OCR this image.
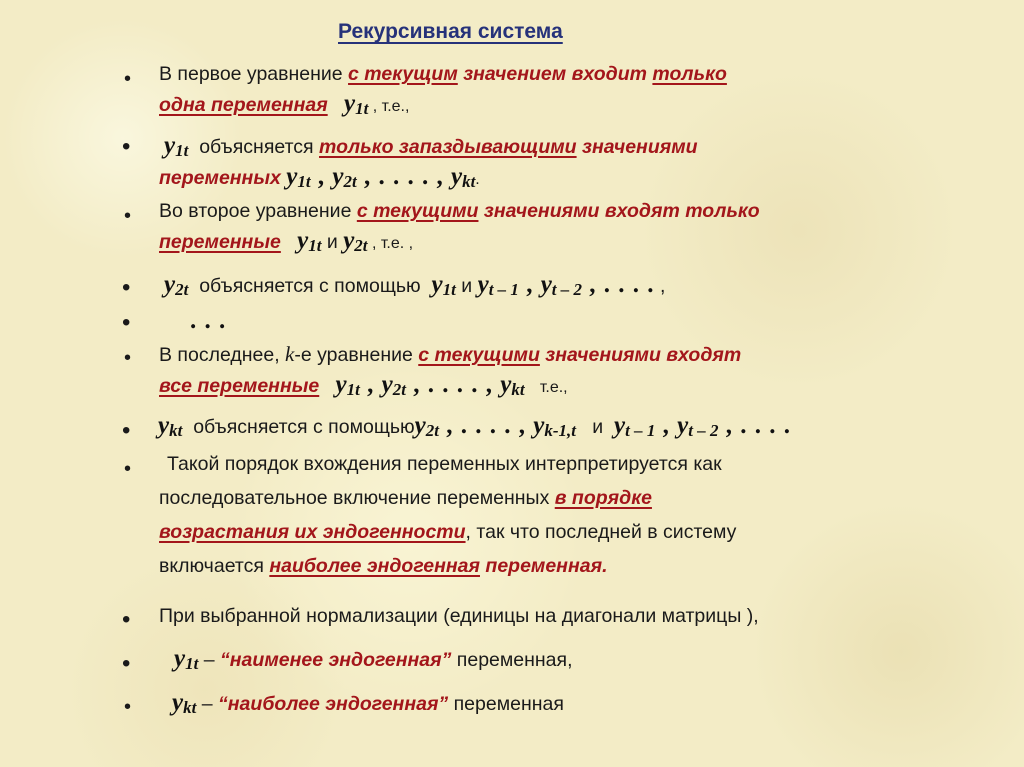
Рекурсивная система
• В первое уравнение с текущим значением входит только
одна переменная $y_{1t}$ , т.е.,
• $y_{1t}$ объясняется только запаздывающими значениями
переменных $y_{1t}$ , $y_{2t}$ , . . . . , $y_{kt}$.
• Во второе уравнение с текущими значениями входят только
переменные $y_{1t}$ и $y_{2t}$ , т.е. ,
• $y_{2t}$ объясняется с помощью $y_{1t}$ и $y_{t - 1}$ , $y_{t - 2}$ , . . . . ,
• . . .
• В последнее, k-е уравнение с текущими значениями входят
все переменные $y_{1t}$ , $y_{2t}$ , . . . . , $y_{kt}$   т.е.,
• $y_{kt}$ объясняется с помощьюy$_{2t}$ , . . . . , $y_{k-1,t}$   и  $y_{t - 1}$ , $y_{t - 2}$ , . . . .
• Такой порядок вхождения переменных интерпретируется как
последовательное включение переменных в порядке
возрастания их эндогенности, так что последней в систему
включается наиболее эндогенная переменная.
• При выбранной нормализации (единицы на диагонали матрицы ),
• $y_{1t}$ – “наименее эндогенная” переменная,
• $y_{kt}$ – “наиболее эндогенная” переменная
